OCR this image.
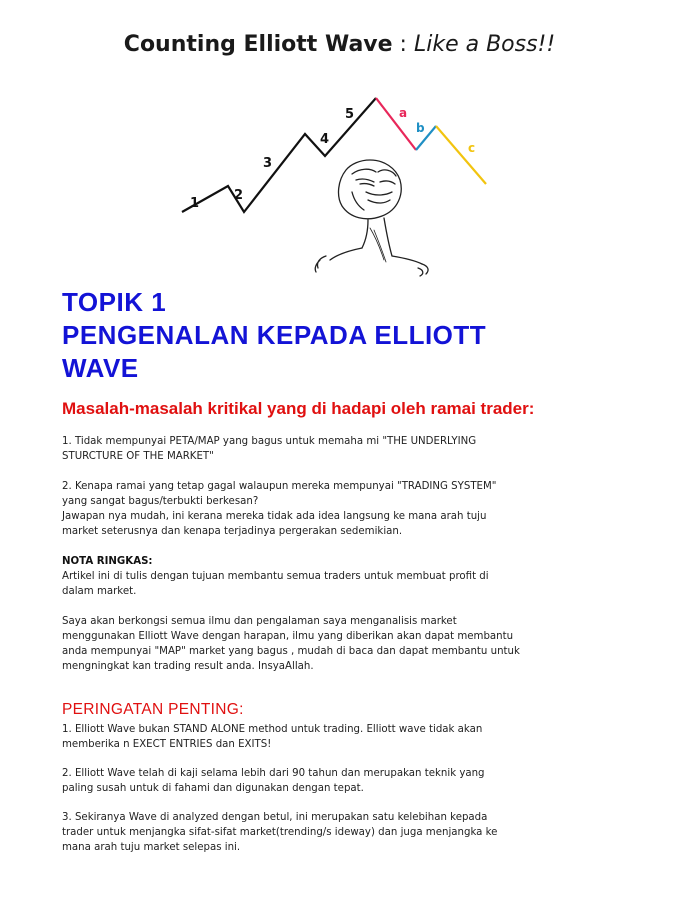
Counting Elliott Wave : Like a Boss!!
1
2
3
4
5	a
b
c
TOPIK 1
PENGENALAN KEPADA ELLIOTT
WAVE
Masalah-masalah kritikal yang di hadapi oleh ramai trader:

1. Tidak mempunyai PETA/MAP yang bagus untuk memaha mi "THE UNDERLYING
STURCTURE OF THE MARKET"

2. Kenapa ramai yang tetap gagal walaupun mereka mempunyai "TRADING SYSTEM"
yang sangat bagus/terbukti berkesan?
Jawapan nya mudah, ini kerana mereka tidak ada idea langsung ke mana arah tuju
market seterusnya dan kenapa terjadinya pergerakan sedemikian.

NOTA RINGKAS:

Artikel ini di tulis dengan tujuan membantu semua traders untuk membuat profit di
dalam market.

Saya akan berkongsi semua ilmu dan pengalaman saya menganalisis market
menggunakan Elliott Wave dengan harapan, ilmu yang diberikan akan dapat membantu
anda mempunyai "MAP" market yang bagus , mudah di baca dan dapat membantu untuk
mengningkat kan trading result anda. InsyaAllah.

PERINGATAN PENTING:

1. Elliott Wave bukan STAND ALONE method untuk trading. Elliott wave tidak akan
memberika n EXECT ENTRIES dan EXITS!

2. Elliott Wave telah di kaji selama lebih dari 90 tahun dan merupakan teknik yang
paling susah untuk di fahami dan digunakan dengan tepat.

3. Sekiranya Wave di analyzed dengan betul, ini merupakan satu kelebihan kepada
trader untuk menjangka sifat-sifat market(trending/s ideway) dan juga menjangka ke
mana arah tuju market selepas ini.
